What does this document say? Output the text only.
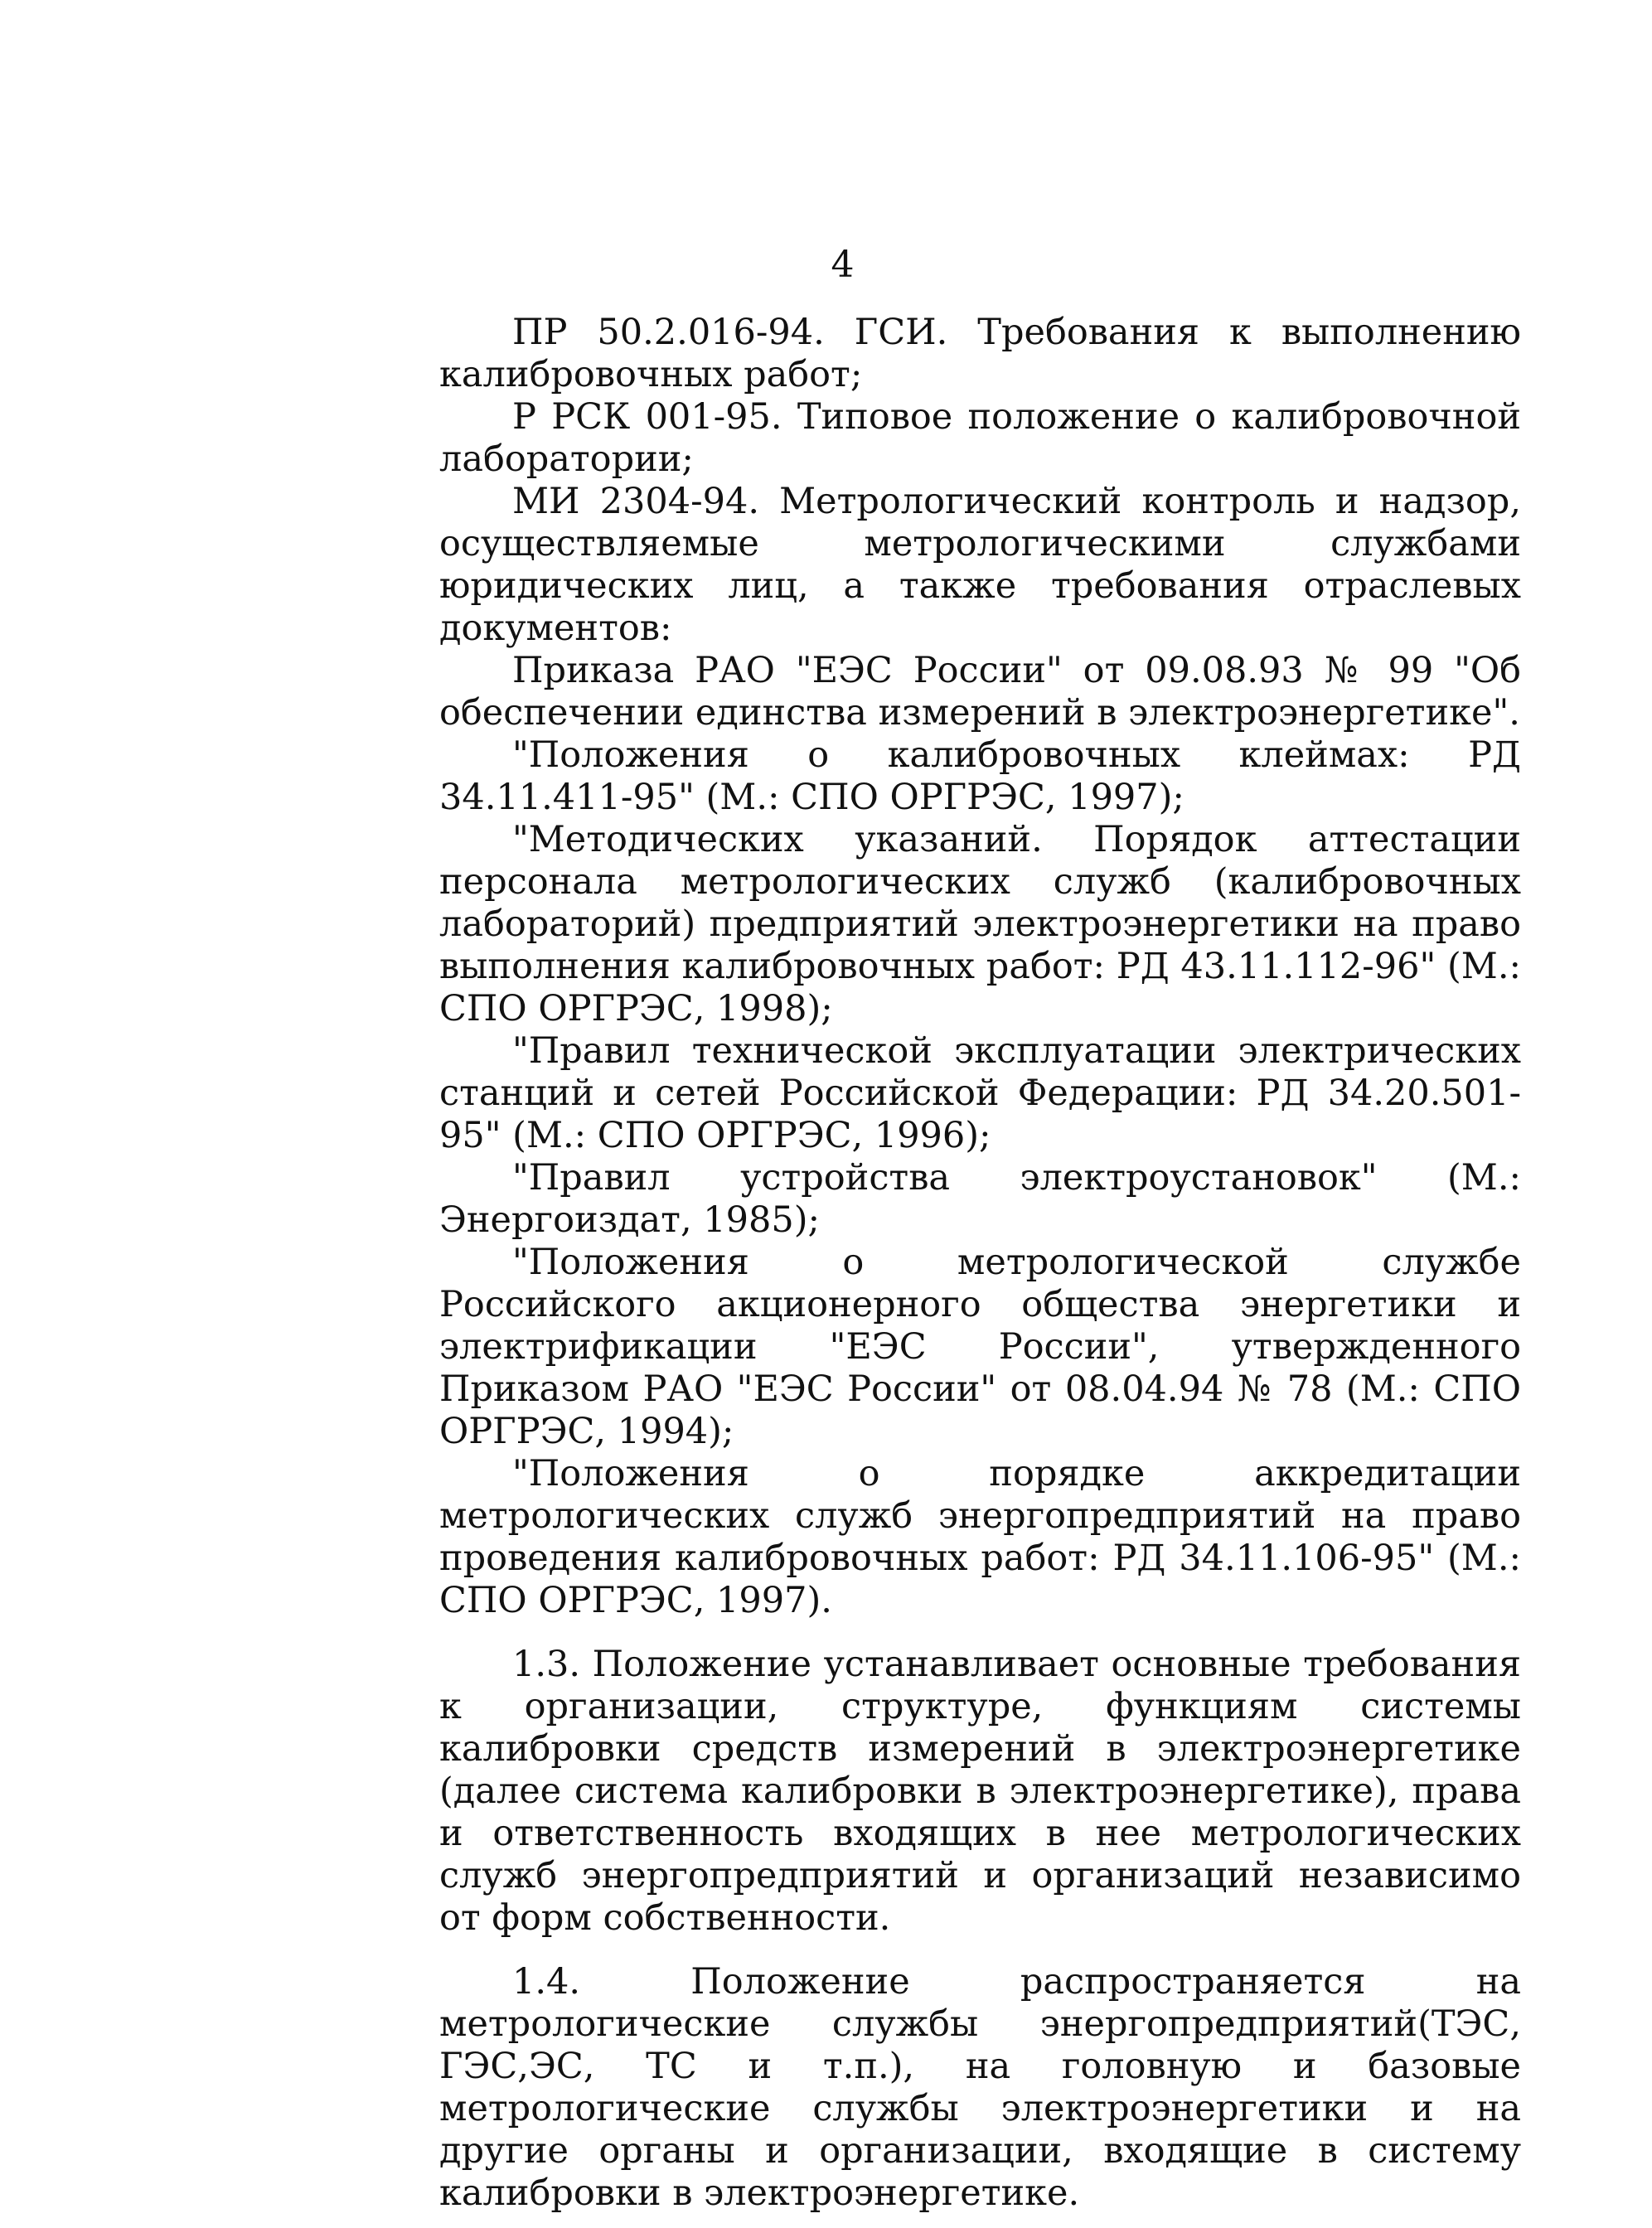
4

ПР 50.2.016-94. ГСИ. Требования к выполнению калибровочных работ;

Р РСК 001-95. Типовое положение о калибровочной лаборатории;

МИ 2304-94. Метрологический контроль и надзор, осуществляемые метрологическими службами юридических лиц, а также требования отраслевых документов:

Приказа РАО "ЕЭС России" от 09.08.93 № 99 "Об обеспечении единства измерений в электроэнергетике".

"Положения о калибровочных клеймах: РД 34.11.411-95" (М.: СПО ОРГРЭС, 1997);

"Методических указаний. Порядок аттестации персонала метрологических служб (калибровочных лабораторий) предприятий электроэнергетики на право выполнения калибровочных работ: РД 43.11.112-96" (М.: СПО ОРГРЭС, 1998);

"Правил технической эксплуатации электрических станций и сетей Российской Федерации: РД 34.20.501-95" (М.: СПО ОРГРЭС, 1996);

"Правил устройства электроустановок" (М.: Энергоиздат, 1985);

"Положения о метрологической службе Российского акционерного общества энергетики и электрификации "ЕЭС России", утвержденного Приказом РАО "ЕЭС России" от 08.04.94 № 78 (М.: СПО ОРГРЭС, 1994);

"Положения о порядке аккредитации метрологических служб энергопредприятий на право проведения калибровочных работ: РД 34.11.106-95" (М.: СПО ОРГРЭС, 1997).

1.3. Положение устанавливает основные требования к организации, структуре, функциям системы калибровки средств измерений в электроэнергетике (далее система калибровки в электроэнергетике), права и ответственность входящих в нее метрологических служб энергопредприятий и организаций независимо от форм собственности.

1.4. Положение распространяется на метрологические службы энергопредприятий(ТЭС, ГЭС,ЭС, ТС и т.п.), на головную и базовые метрологические службы электроэнергетики и на другие органы и организации, входящие в систему калибровки в электроэнергетике.
